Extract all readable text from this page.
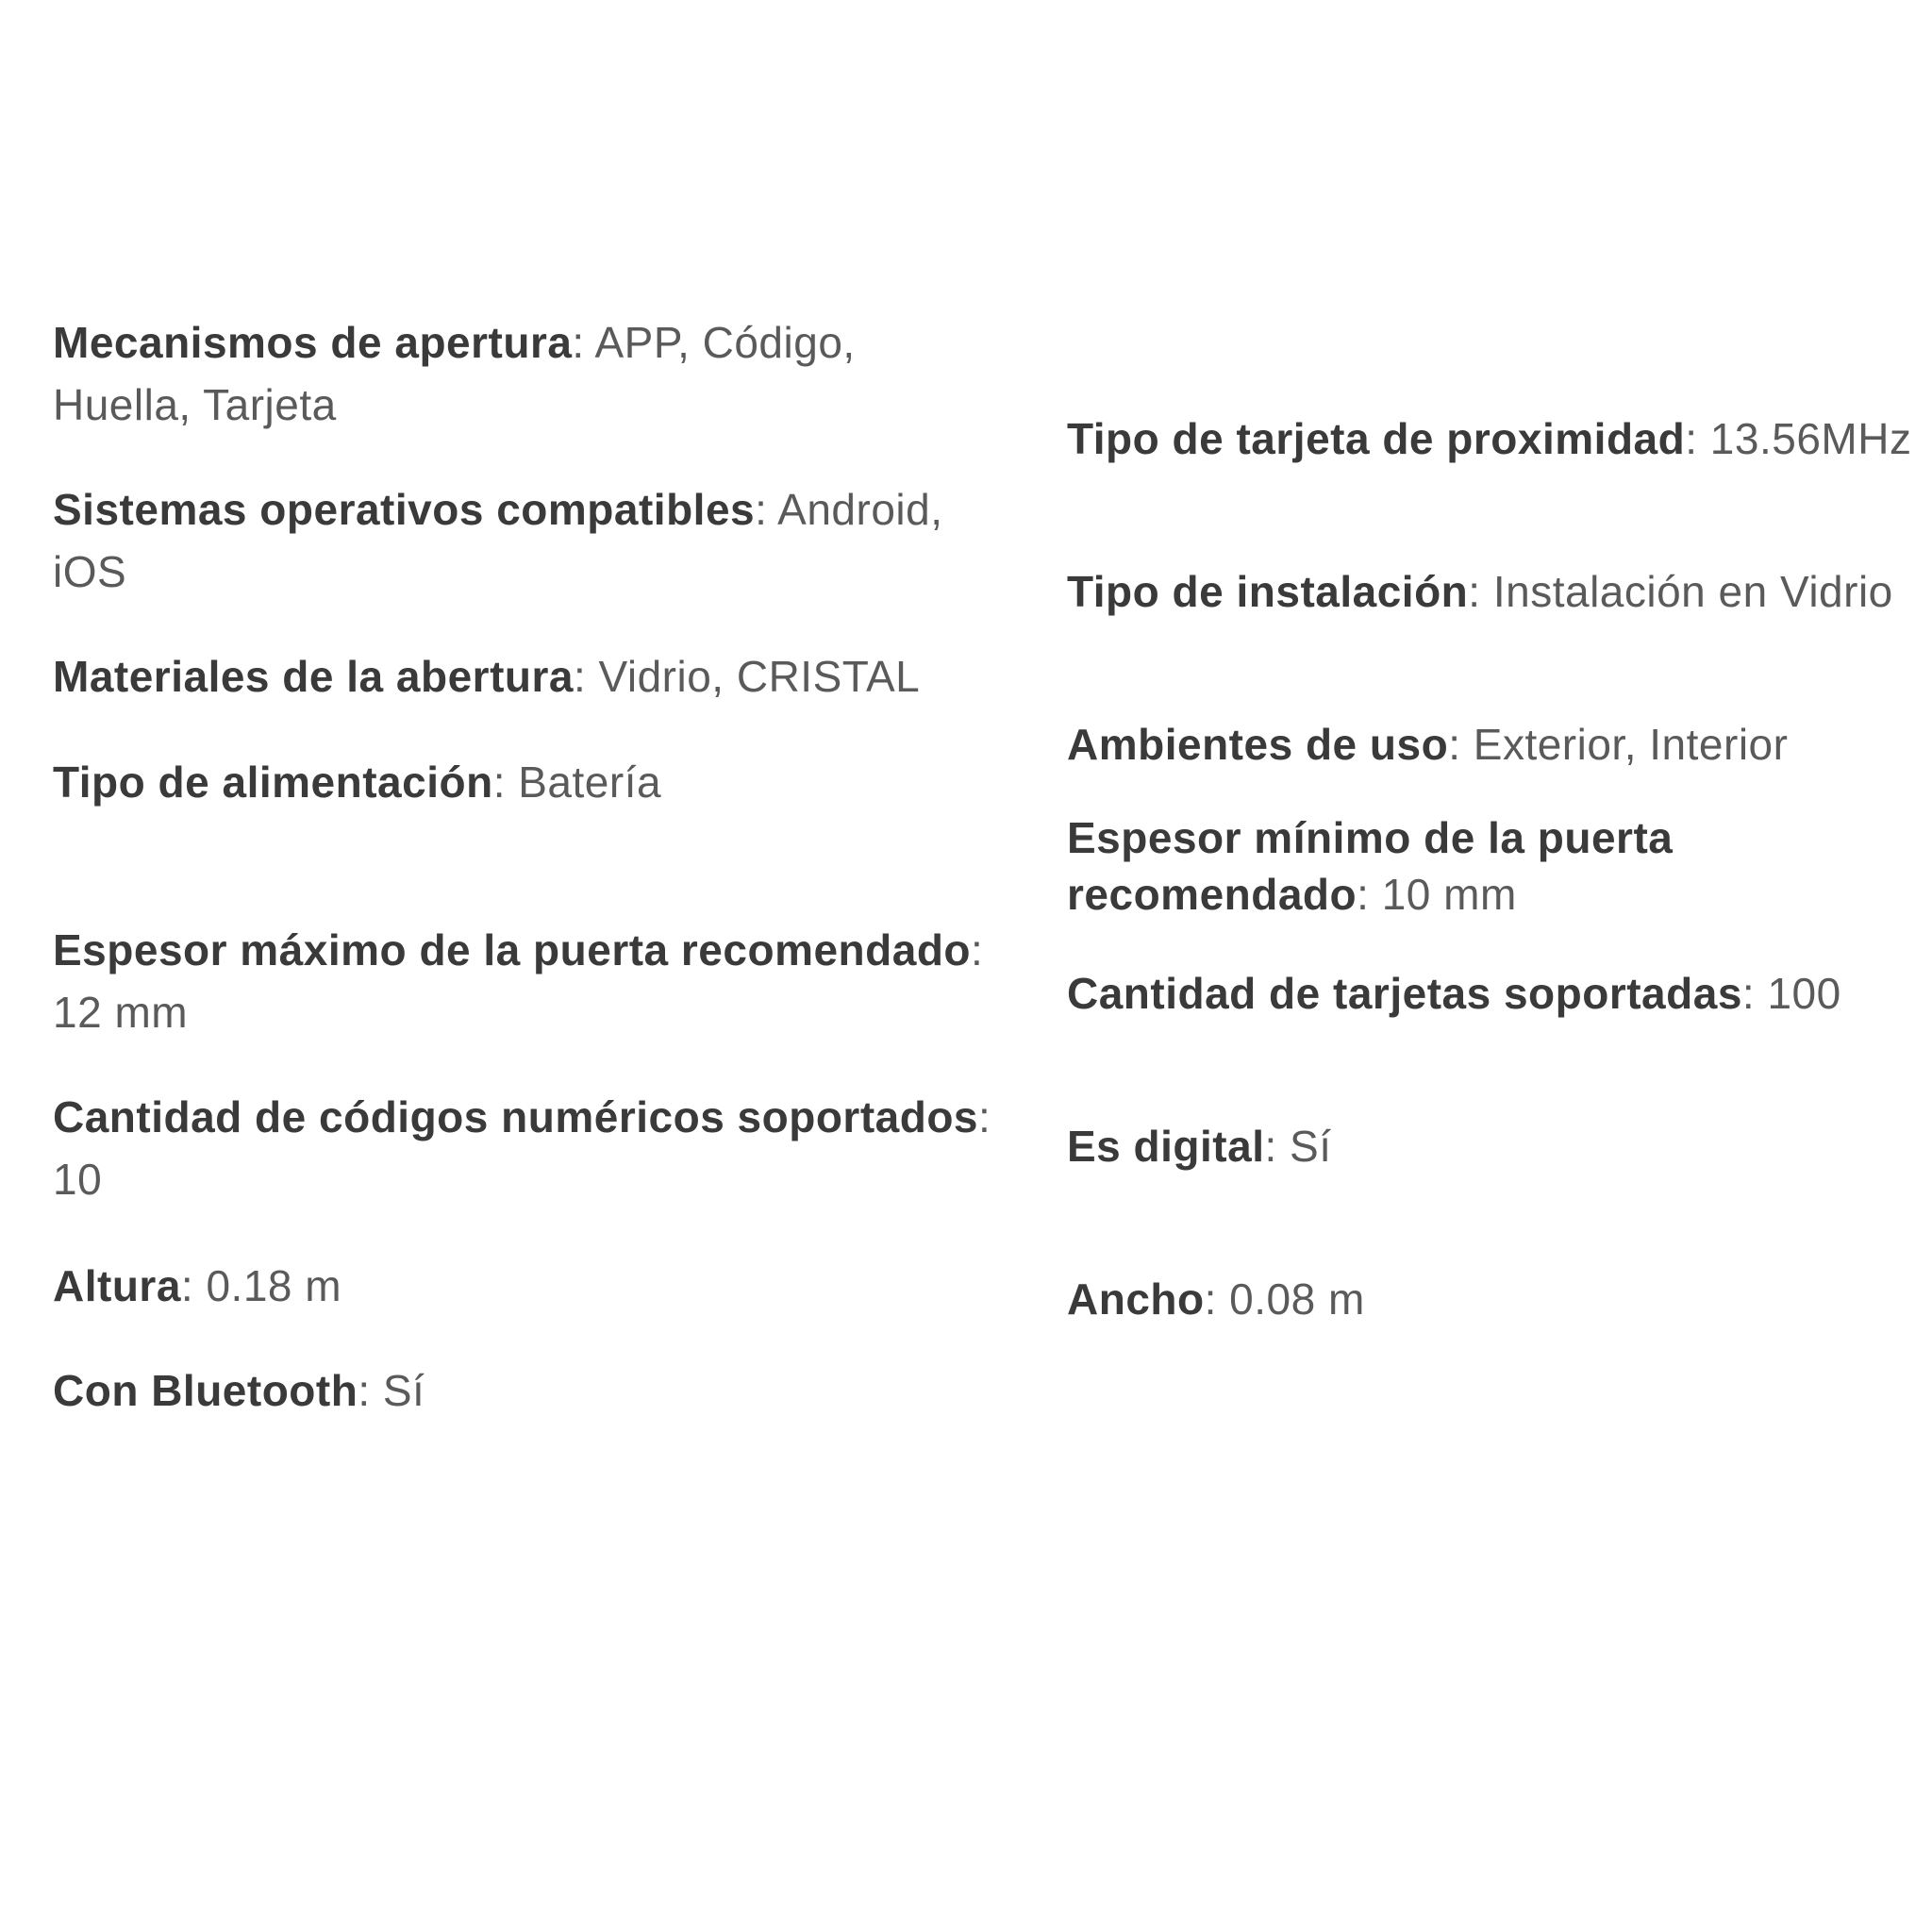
Mecanismos de apertura: APP, Código, Huella, Tarjeta
Sistemas operativos compatibles: Android, iOS
Materiales de la abertura: Vidrio, CRISTAL
Tipo de alimentación: Batería
Espesor máximo de la puerta recomendado: 12 mm
Cantidad de códigos numéricos soportados: 10
Altura: 0.18 m
Con Bluetooth: Sí
Tipo de tarjeta de proximidad: 13.56MHz
Tipo de instalación: Instalación en Vidrio
Ambientes de uso: Exterior, Interior
Espesor mínimo de la puerta recomendado: 10 mm
Cantidad de tarjetas soportadas: 100
Es digital: Sí
Ancho: 0.08 m
